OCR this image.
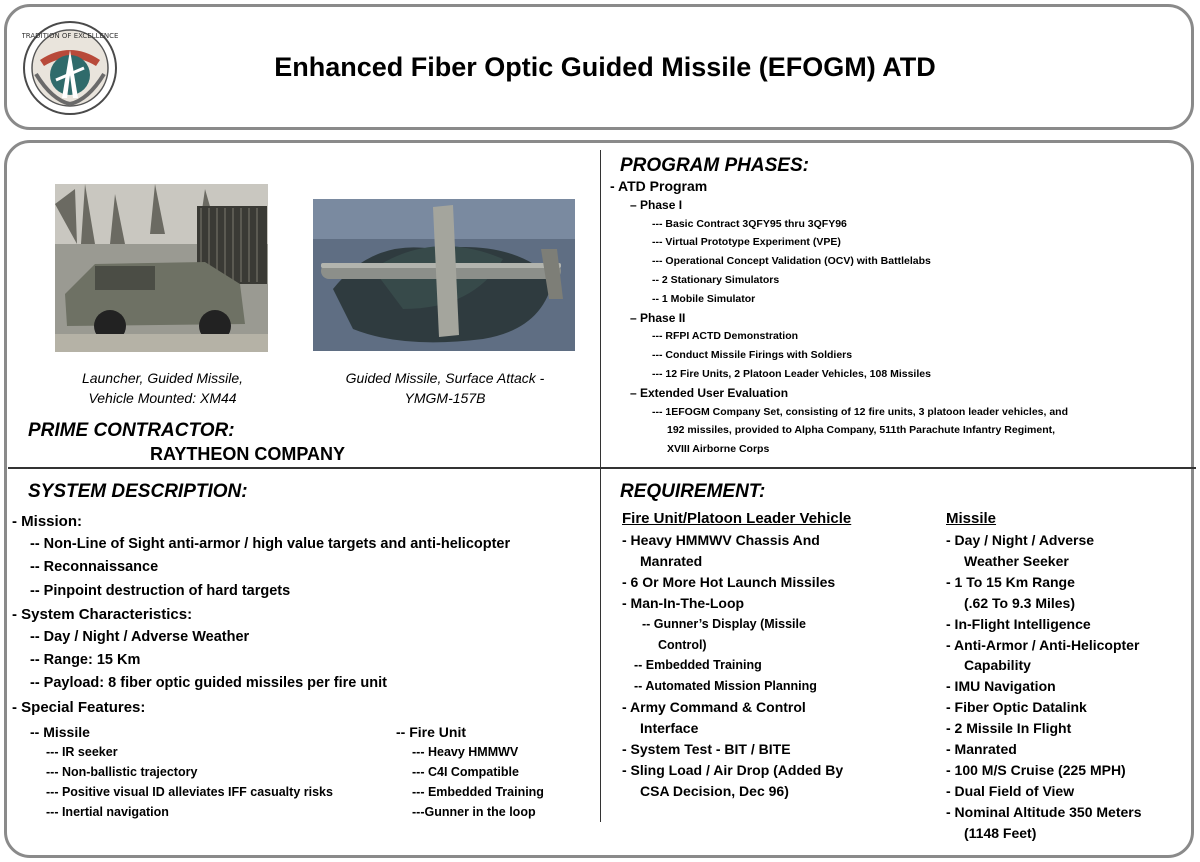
TRADITION OF EXCELLENCE
Enhanced Fiber Optic Guided Missile (EFOGM) ATD
Launcher, Guided Missile,
Vehicle Mounted: XM44
Guided Missile, Surface Attack -
YMGM-157B
PRIME CONTRACTOR:
RAYTHEON COMPANY
PROGRAM PHASES:
- ATD Program
– Phase I
--- Basic Contract 3QFY95 thru 3QFY96
--- Virtual Prototype Experiment (VPE)
--- Operational Concept Validation (OCV) with Battlelabs
-- 2 Stationary Simulators
-- 1 Mobile Simulator
– Phase II
--- RFPI ACTD Demonstration
--- Conduct Missile Firings with Soldiers
--- 12 Fire Units, 2 Platoon Leader Vehicles, 108 Missiles
– Extended User Evaluation
--- 1EFOGM Company Set, consisting of 12 fire units, 3 platoon leader vehicles, and
192 missiles, provided to Alpha Company, 511th Parachute Infantry Regiment,
XVIII Airborne Corps
SYSTEM DESCRIPTION:
- Mission:
-- Non-Line of Sight anti-armor / high value targets and anti-helicopter
-- Reconnaissance
-- Pinpoint destruction of hard targets
- System Characteristics:
-- Day / Night / Adverse Weather
-- Range: 15 Km
-- Payload: 8 fiber optic guided missiles per fire unit
- Special Features:
-- Missile
--- IR seeker
--- Non-ballistic trajectory
--- Positive visual ID alleviates IFF casualty risks
--- Inertial navigation
-- Fire Unit
--- Heavy HMMWV
--- C4I Compatible
--- Embedded Training
---Gunner in the loop
REQUIREMENT:
Fire Unit/Platoon Leader Vehicle
- Heavy HMMWV Chassis And
Manrated
- 6 Or More Hot Launch Missiles
- Man-In-The-Loop
-- Gunner’s Display (Missile
Control)
-- Embedded Training
-- Automated Mission Planning
- Army Command & Control
Interface
- System Test - BIT / BITE
- Sling Load / Air Drop (Added By
CSA Decision, Dec 96)
Missile
- Day / Night / Adverse
Weather Seeker
- 1 To 15 Km Range
(.62 To 9.3 Miles)
- In-Flight Intelligence
- Anti-Armor / Anti-Helicopter
Capability
- IMU Navigation
- Fiber Optic Datalink
- 2 Missile In Flight
- Manrated
- 100 M/S Cruise (225 MPH)
- Dual Field of View
- Nominal Altitude 350 Meters
(1148 Feet)
